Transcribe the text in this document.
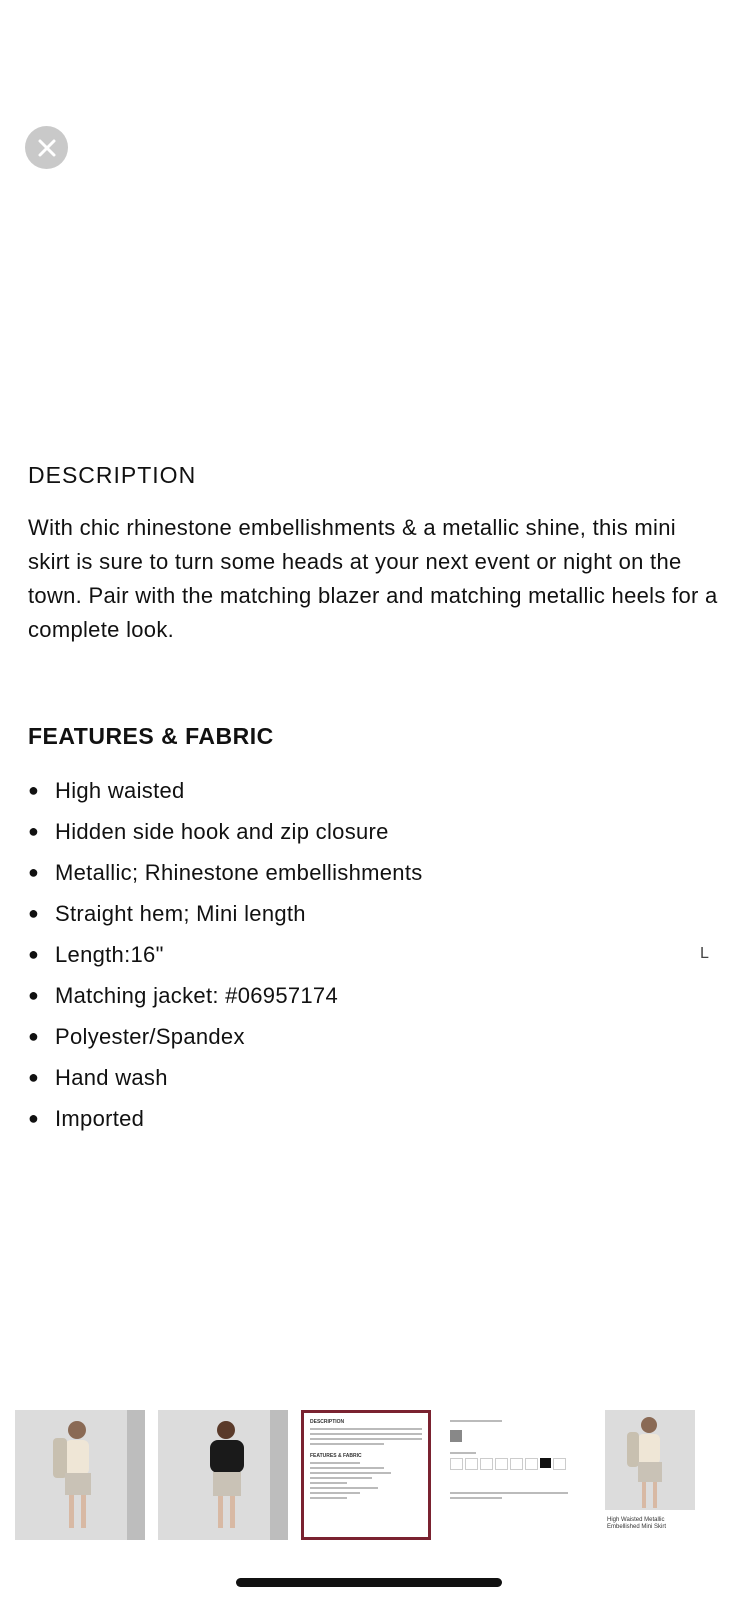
DESCRIPTION

With chic rhinestone embellishments & a metallic shine, this mini skirt is sure to turn some heads at your next event or night on the town. Pair with the matching blazer and matching metallic heels for a complete look.

FEATURES & FABRIC
● High waisted
● Hidden side hook and zip closure
● Metallic; Rhinestone embellishments
● Straight hem; Mini length
● Length:16"
● Matching jacket: #06957174
● Polyester/Spandex
● Hand wash
● Imported
L
DESCRIPTION
FEATURES & FABRIC
High Waisted Metallic Embellished Mini Skirt
